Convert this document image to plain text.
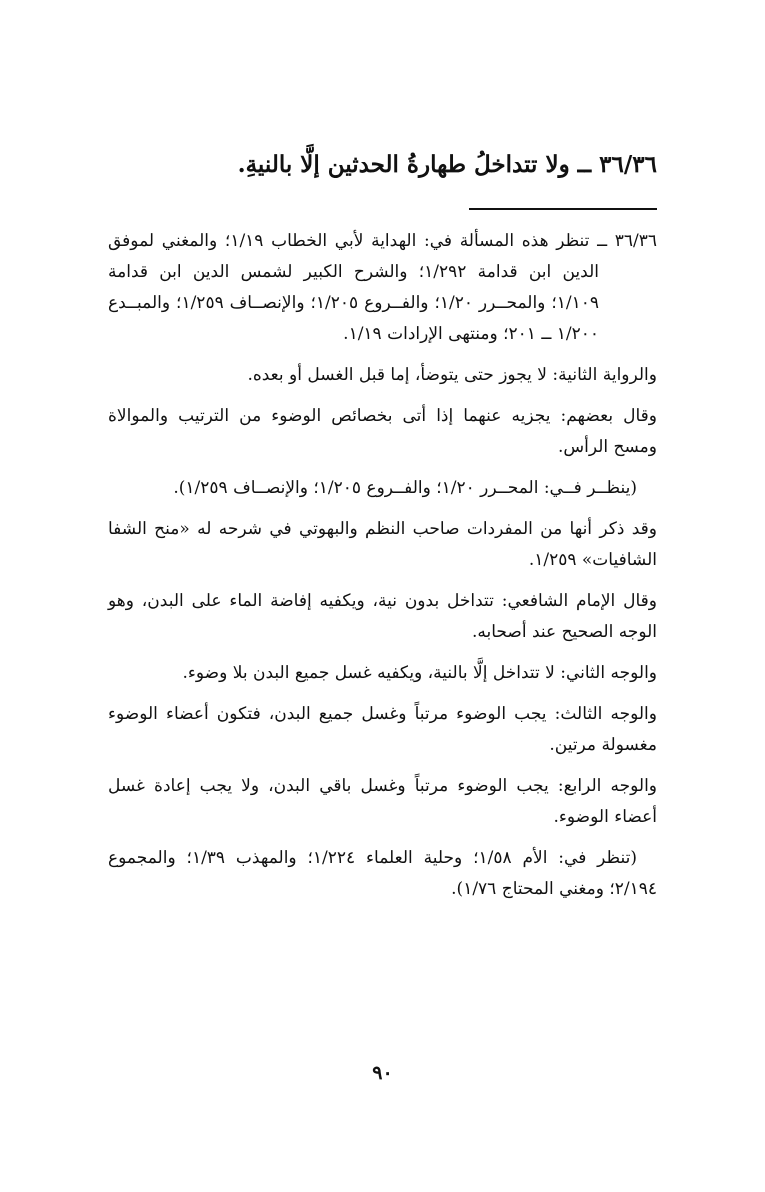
٣٦/٣٦ ــ ولا تتداخلُ طهارةُ الحدثين إلَّا بالنيةِ.

٣٦/٣٦ ــ تنظر هذه المسألة في: الهداية لأبي الخطاب ١/١٩؛ والمغني لموفق الدين ابن قدامة ١/٢٩٢؛ والشرح الكبير لشمس الدين ابن قدامة ١/١٠٩؛ والمحــرر ١/٢٠؛ والفــروع ١/٢٠٥؛ والإنصــاف ١/٢٥٩؛ والمبــدع ١/٢٠٠ ــ ٢٠١؛ ومنتهى الإرادات ١/١٩.

والرواية الثانية: لا يجوز حتى يتوضأ، إما قبل الغسل أو بعده.

وقال بعضهم: يجزيه عنهما إذا أتى بخصائص الوضوء من الترتيب والموالاة ومسح الرأس.

(ينظــر فــي: المحــرر ١/٢٠؛ والفــروع ١/٢٠٥؛ والإنصــاف ١/٢٥٩).

وقد ذكر أنها من المفردات صاحب النظم والبهوتي في شرحه له «منح الشفا الشافيات» ١/٢٥٩.

وقال الإمام الشافعي: تتداخل بدون نية، ويكفيه إفاضة الماء على البدن، وهو الوجه الصحيح عند أصحابه.

والوجه الثاني: لا تتداخل إلَّا بالنية، ويكفيه غسل جميع البدن بلا وضوء.

والوجه الثالث: يجب الوضوء مرتباً وغسل جميع البدن، فتكون أعضاء الوضوء مغسولة مرتين.

والوجه الرابع: يجب الوضوء مرتباً وغسل باقي البدن، ولا يجب إعادة غسل أعضاء الوضوء.

(تنظر في: الأم ١/٥٨؛ وحلية العلماء ١/٢٢٤؛ والمهذب ١/٣٩؛ والمجموع ٢/١٩٤؛ ومغني المحتاج ١/٧٦).

٩٠
